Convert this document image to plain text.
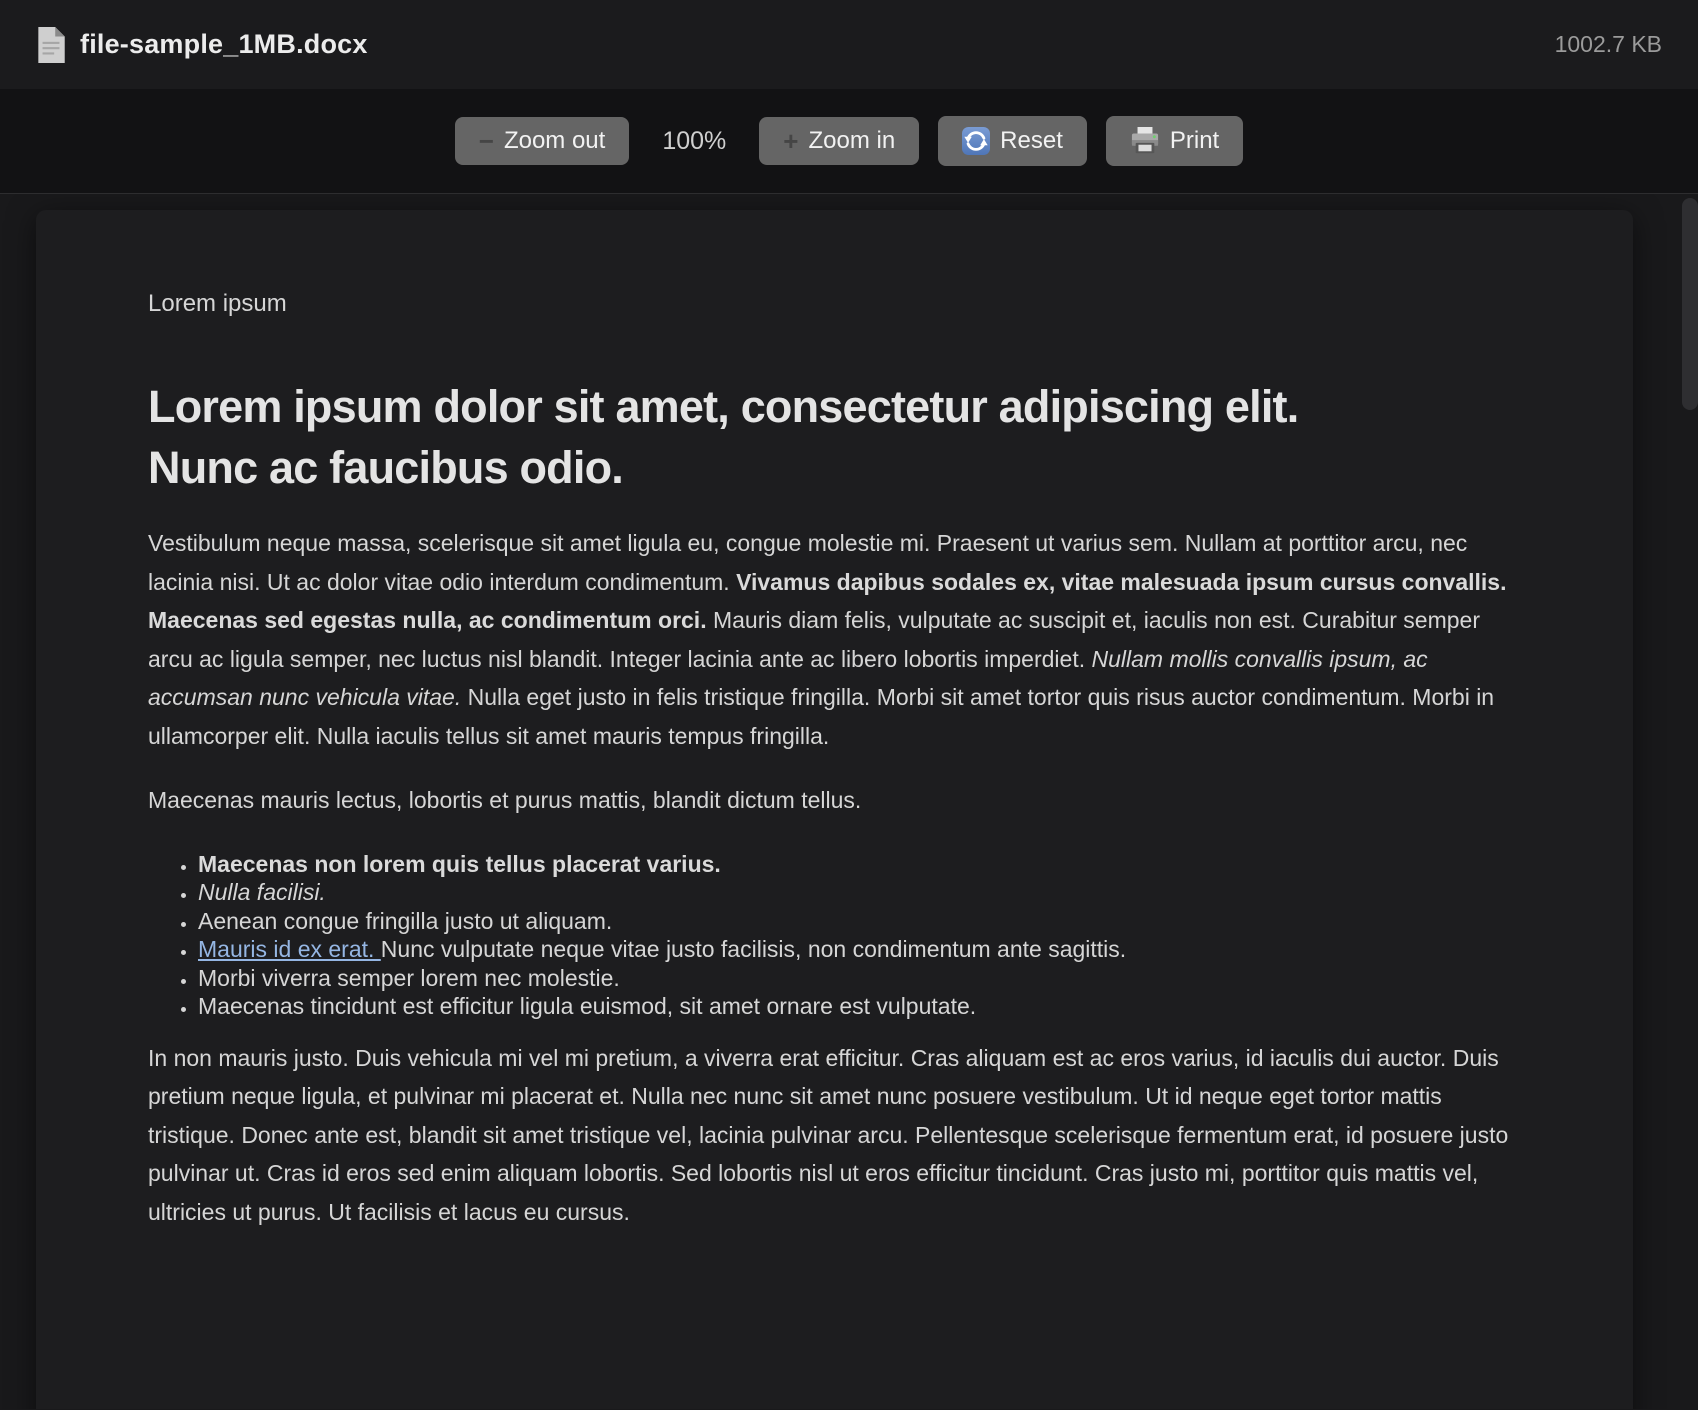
file-sample_1MB.docx	1002.7 KB
− Zoom out	100%	+ Zoom in	Reset	Print

Lorem ipsum

Lorem ipsum dolor sit amet, consectetur adipiscing elit.
Nunc ac faucibus odio.

Vestibulum neque massa, scelerisque sit amet ligula eu, congue molestie mi. Praesent ut varius sem. Nullam at porttitor arcu, nec lacinia nisi. Ut ac dolor vitae odio interdum condimentum. Vivamus dapibus sodales ex, vitae malesuada ipsum cursus convallis. Maecenas sed egestas nulla, ac condimentum orci. Mauris diam felis, vulputate ac suscipit et, iaculis non est. Curabitur semper arcu ac ligula semper, nec luctus nisl blandit. Integer lacinia ante ac libero lobortis imperdiet. Nullam mollis convallis ipsum, ac accumsan nunc vehicula vitae. Nulla eget justo in felis tristique fringilla. Morbi sit amet tortor quis risus auctor condimentum. Morbi in ullamcorper elit. Nulla iaculis tellus sit amet mauris tempus fringilla.

Maecenas mauris lectus, lobortis et purus mattis, blandit dictum tellus.

• Maecenas non lorem quis tellus placerat varius.
• Nulla facilisi.
• Aenean congue fringilla justo ut aliquam.
• Mauris id ex erat. Nunc vulputate neque vitae justo facilisis, non condimentum ante sagittis.
• Morbi viverra semper lorem nec molestie.
• Maecenas tincidunt est efficitur ligula euismod, sit amet ornare est vulputate.

In non mauris justo. Duis vehicula mi vel mi pretium, a viverra erat efficitur. Cras aliquam est ac eros varius, id iaculis dui auctor. Duis pretium neque ligula, et pulvinar mi placerat et. Nulla nec nunc sit amet nunc posuere vestibulum. Ut id neque eget tortor mattis tristique. Donec ante est, blandit sit amet tristique vel, lacinia pulvinar arcu. Pellentesque scelerisque fermentum erat, id posuere justo pulvinar ut. Cras id eros sed enim aliquam lobortis. Sed lobortis nisl ut eros efficitur tincidunt. Cras justo mi, porttitor quis mattis vel, ultricies ut purus. Ut facilisis et lacus eu cursus.
